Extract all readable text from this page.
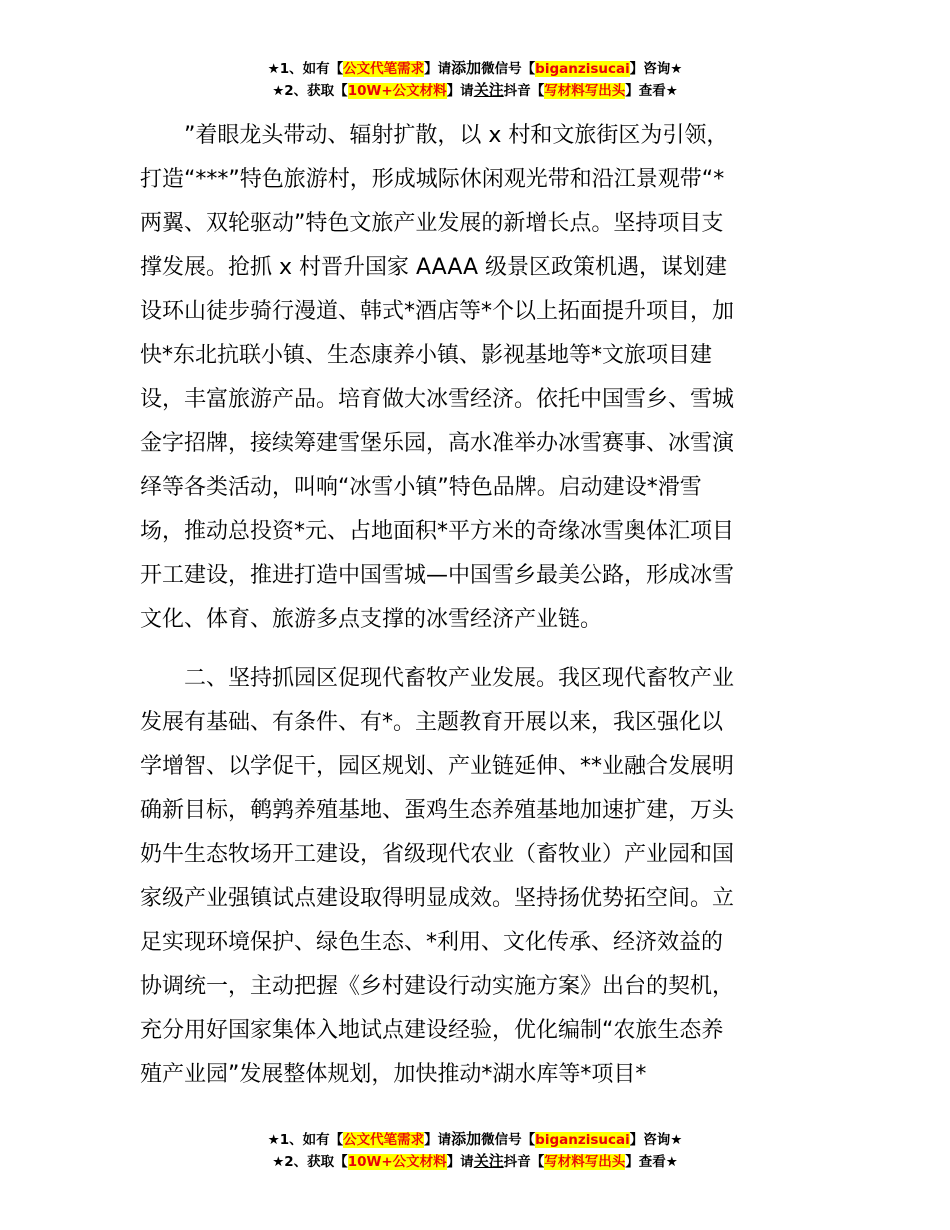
★1、如有【公文代笔需求】请添加微信号【biganzisucai】咨询★
★2、获取【10W+公文材料】请关注抖音【写材料写出头】查看★

”着眼龙头带动、辐射扩散，以 x 村和文旅街区为引领，
打造“***”特色旅游村，形成城际休闲观光带和沿江景观带“*
两翼、双轮驱动”特色文旅产业发展的新增长点。坚持项目支
撑发展。抢抓 x 村晋升国家 AAAA 级景区政策机遇，谋划建
设环山徒步骑行漫道、韩式*酒店等*个以上拓面提升项目，加
快*东北抗联小镇、生态康养小镇、影视基地等*文旅项目建
设，丰富旅游产品。培育做大冰雪经济。依托中国雪乡、雪城
金字招牌，接续筹建雪堡乐园，高水准举办冰雪赛事、冰雪演
绎等各类活动，叫响“冰雪小镇”特色品牌。启动建设*滑雪
场，推动总投资*元、占地面积*平方米的奇缘冰雪奥体汇项目
开工建设，推进打造中国雪城—中国雪乡最美公路，形成冰雪
文化、体育、旅游多点支撑的冰雪经济产业链。

二、坚持抓园区促现代畜牧产业发展。我区现代畜牧产业
发展有基础、有条件、有*。主题教育开展以来，我区强化以
学增智、以学促干，园区规划、产业链延伸、**业融合发展明
确新目标，鹌鹑养殖基地、蛋鸡生态养殖基地加速扩建，万头
奶牛生态牧场开工建设，省级现代农业（畜牧业）产业园和国
家级产业强镇试点建设取得明显成效。坚持扬优势拓空间。立
足实现环境保护、绿色生态、*利用、文化传承、经济效益的
协调统一，主动把握《乡村建设行动实施方案》出台的契机，
充分用好国家集体入地试点建设经验，优化编制“农旅生态养
殖产业园”发展整体规划，加快推动*湖水库等*项目*

★1、如有【公文代笔需求】请添加微信号【biganzisucai】咨询★
★2、获取【10W+公文材料】请关注抖音【写材料写出头】查看★
